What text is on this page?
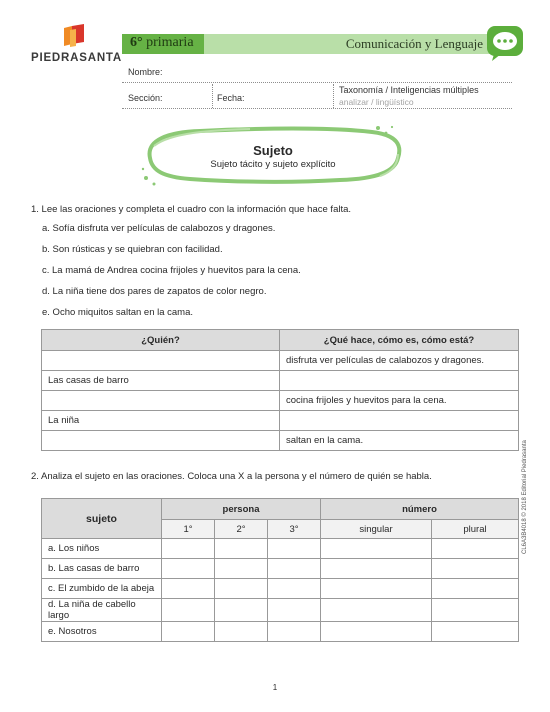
PIEDRASANTA
6° primaria	Comunicación y Lenguaje
Nombre:
Sección:	Fecha:
Taxonomía / Inteligencias múltiples
analizar / lingüístico
Sujeto
Sujeto tácito y sujeto explícito
1. Lee las oraciones y completa el cuadro con la información que hace falta.
a. Sofía disfruta ver películas de calabozos y dragones.
b. Son rústicas y se quiebran con facilidad.
c. La mamá de Andrea cocina frijoles y huevitos para la cena.
d. La niña tiene dos pares de zapatos de color negro.
e. Ocho miquitos saltan en la cama.
¿Quién?	¿Qué hace, cómo es, cómo está?
	disfruta ver películas de calabozos y dragones.
Las casas de barro	
	cocina frijoles y huevitos para la cena.
La niña	
	saltan en la cama.
2. Analiza el sujeto en las oraciones. Coloca una X a la persona y el número de quién se habla.
sujeto	persona			número	
	1°	2°	3°	singular	plural
a. Los niños					
b. Las casas de barro					
c. El zumbido de la abeja					
d. La niña de cabello largo					
e. Nosotros					
CL6A3B4018 © 2018 Editorial Piedrasanta
1
